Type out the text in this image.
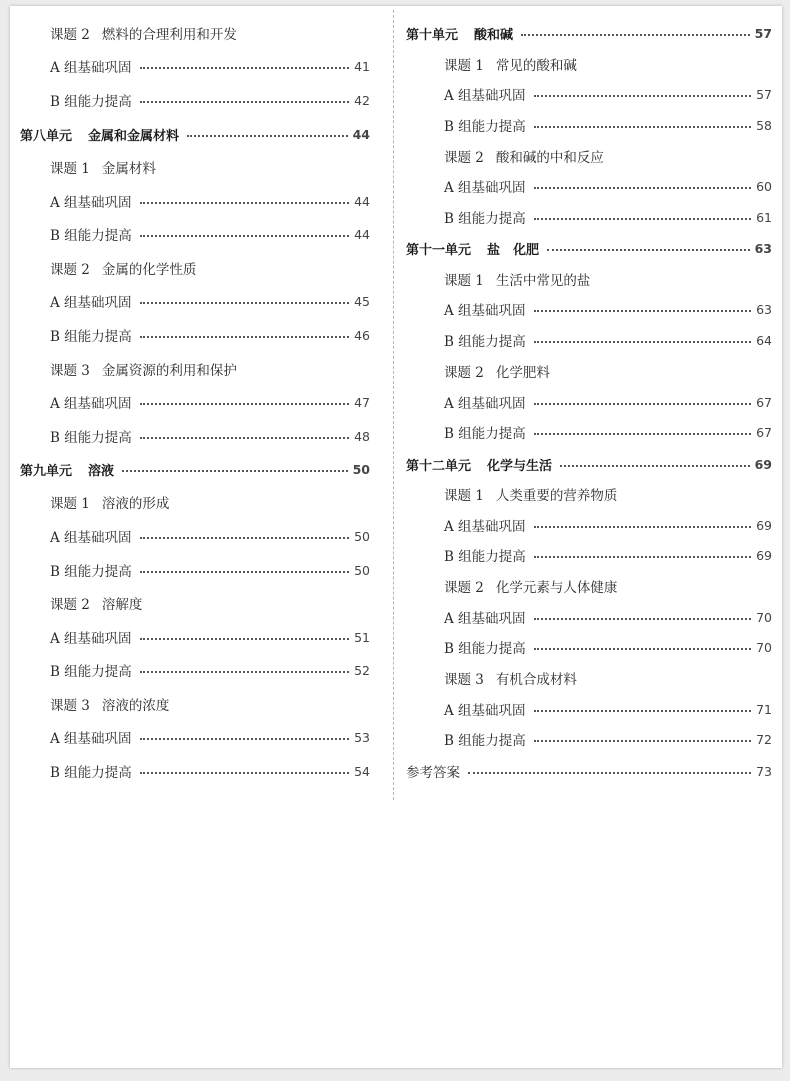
课题 2 燃料的合理利用和开发
A 组基础巩固	41
B 组能力提高	42
第八单元 金属和金属材料	44
课题 1 金属材料
A 组基础巩固	44
B 组能力提高	44
课题 2 金属的化学性质
A 组基础巩固	45
B 组能力提高	46
课题 3 金属资源的利用和保护
A 组基础巩固	47
B 组能力提高	48
第九单元 溶液	50
课题 1 溶液的形成
A 组基础巩固	50
B 组能力提高	50
课题 2 溶解度
A 组基础巩固	51
B 组能力提高	52
课题 3 溶液的浓度
A 组基础巩固	53
B 组能力提高	54
第十单元 酸和碱	57
课题 1 常见的酸和碱
A 组基础巩固	57
B 组能力提高	58
课题 2 酸和碱的中和反应
A 组基础巩固	60
B 组能力提高	61
第十一单元 盐　化肥	63
课题 1 生活中常见的盐
A 组基础巩固	63
B 组能力提高	64
课题 2 化学肥料
A 组基础巩固	67
B 组能力提高	67
第十二单元 化学与生活	69
课题 1 人类重要的营养物质
A 组基础巩固	69
B 组能力提高	69
课题 2 化学元素与人体健康
A 组基础巩固	70
B 组能力提高	70
课题 3 有机合成材料
A 组基础巩固	71
B 组能力提高	72
参考答案	73
